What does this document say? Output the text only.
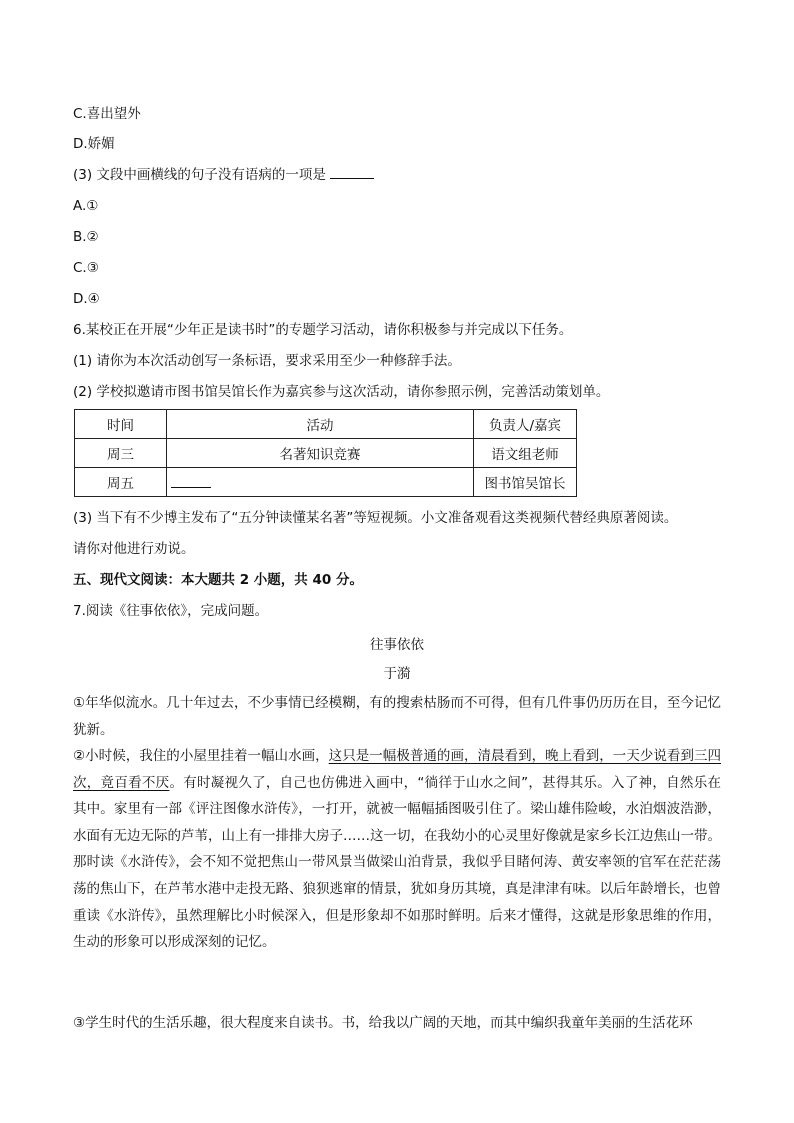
C.喜出望外
D.娇媚
(3) 文段中画横线的句子没有语病的一项是
A.①
B.②
C.③
D.④
6.某校正在开展“少年正是读书时”的专题学习活动，请你积极参与并完成以下任务。
(1) 请你为本次活动创写一条标语，要求采用至少一种修辞手法。
(2) 学校拟邀请市图书馆吴馆长作为嘉宾参与这次活动，请你参照示例，完善活动策划单。
时间	活动	负责人/嘉宾
周三	名著知识竞赛	语文组老师
周五		图书馆吴馆长
(3) 当下有不少博主发布了“五分钟读懂某名著”等短视频。小文准备观看这类视频代替经典原著阅读。
请你对他进行劝说。
五、现代文阅读：本大题共 2 小题，共 40 分。
7.阅读《往事依依》，完成问题。
往事依依
于漪
①年华似流水。几十年过去，不少事情已经模糊，有的搜索枯肠而不可得，但有几件事仍历历在目，至今记忆犹新。
②小时候，我住的小屋里挂着一幅山水画，这只是一幅极普通的画，清晨看到，晚上看到，一天少说看到三四次，竟百看不厌。有时凝视久了，自己也仿佛进入画中，“徜徉于山水之间”，甚得其乐。入了神，自然乐在其中。家里有一部《评注图像水浒传》，一打开，就被一幅幅插图吸引住了。梁山雄伟险峻，水泊烟波浩渺，水面有无边无际的芦苇，山上有一排排大房子……这一切，在我幼小的心灵里好像就是家乡长江边焦山一带。那时读《水浒传》，会不知不觉把焦山一带风景当做梁山泊背景，我似乎目睹何涛、黄安率领的官军在茫茫荡荡的焦山下，在芦苇水港中走投无路、狼狈逃窜的情景，犹如身历其境，真是津津有味。以后年龄增长，也曾重读《水浒传》，虽然理解比小时候深入，但是形象却不如那时鲜明。后来才懂得，这就是形象思维的作用，生动的形象可以形成深刻的记忆。
③学生时代的生活乐趣，很大程度来自读书。书，给我以广阔的天地，而其中编织我童年美丽的生活花环
